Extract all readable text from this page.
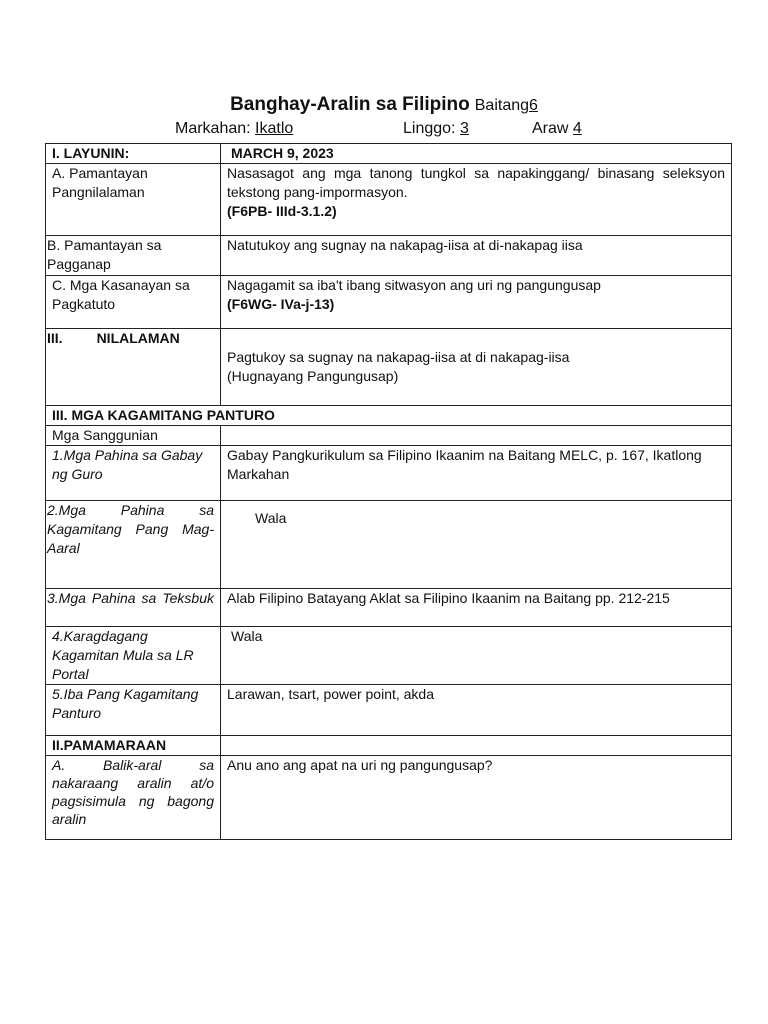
Banghay-Aralin sa Filipino Baitang6
Markahan: Ikatlo	Linggo: 3	Araw 4
I. LAYUNIN:	MARCH 9, 2023
A. Pamantayan Pangnilalaman	Nasasagot ang mga tanong tungkol sa napakinggang/ binasang seleksyon tekstong pang-impormasyon.
(F6PB- IIId-3.1.2)

B. Pamantayan sa Pagganap	Natutukoy ang sugnay na nakapag-iisa at di-nakapag iisa
C. Mga Kasanayan sa Pagkatuto	Nagagamit sa iba't ibang sitwasyon ang uri ng pangungusap
(F6WG- IVa-j-13)

III. NILALAMAN	Pagtukoy sa sugnay na nakapag-iisa at di nakapag-iisa
(Hugnayang Pangungusap)

III. MGA KAGAMITANG PANTURO	
Mga Sanggunian	
1.Mga Pahina sa Gabay ng Guro	Gabay Pangkurikulum sa Filipino Ikaanim na Baitang MELC, p. 167, Ikatlong Markahan
2.Mga Pahina sa Kagamitang Pang Mag-Aaral	Wala
3.Mga Pahina sa Teksbuk	Alab Filipino Batayang Aklat sa Filipino Ikaanim na Baitang pp. 212-215
4.Karagdagang Kagamitan Mula sa LR Portal	Wala
5.Iba Pang Kagamitang Panturo	Larawan, tsart, power point, akda
II.PAMAMARAAN	
A. Balik-aral sa nakaraang aralin at/o pagsisimula ng bagong aralin	Anu ano ang apat na uri ng pangungusap?
